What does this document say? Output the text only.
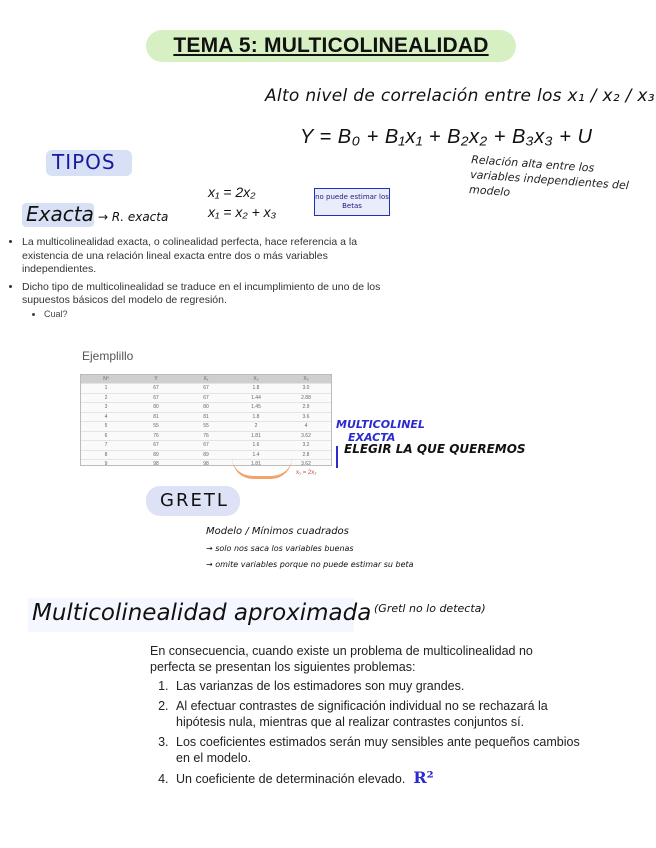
TEMA 5: MULTICOLINEALIDAD
Alto nivel de correlación entre los x₁ / x₂ / x₃
Y = B₀ + B₁x₁ + B₂x₂ + B₃x₃ + U
Relación alta entre los variables independientes del modelo
TIPOS
Exacta → R. exacta
x₁ = 2x₂
x₁ = x₂ + x₃
no puede estimar los Betas
• La multicolinealidad exacta, o colinealidad perfecta, hace referencia a la existencia de una relación lineal exacta entre dos o más variables independientes.
• Dicho tipo de multicolinealidad se traduce en el incumplimiento de uno de los supuestos básicos del modelo de regresión.
• Cual?
Ejemplillo
Nº	Y	X₁	X₂	X₃
1	67	67	1.8	3.0
2	67	67	1.44	2.88
3	80	80	1.45	2.9
4	81	81	1.8	3.6
5	55	55	2	4
6	76	76	1.81	3.62
7	67	67	1.6	3.2
8	89	89	1.4	2.8
9	98	98	1.81	3.62
x₁ = 2x₂
MULTICOLINEL
EXACTA
ELEGIR LA QUE QUEREMOS
GRETL
Modelo / Mínimos cuadrados
→ solo nos saca los variables buenas
→ omite variables porque no puede estimar su beta
Multicolinealidad aproximada (Gretl no lo detecta)
En consecuencia, cuando existe un problema de multicolinealidad no perfecta se presentan los siguientes problemas:
1. Las varianzas de los estimadores son muy grandes.
2. Al efectuar contrastes de significación individual no se rechazará la hipótesis nula, mientras que al realizar contrastes conjuntos sí.
3. Los coeficientes estimados serán muy sensibles ante pequeños cambios en el modelo.
4. Un coeficiente de determinación elevado. R²
